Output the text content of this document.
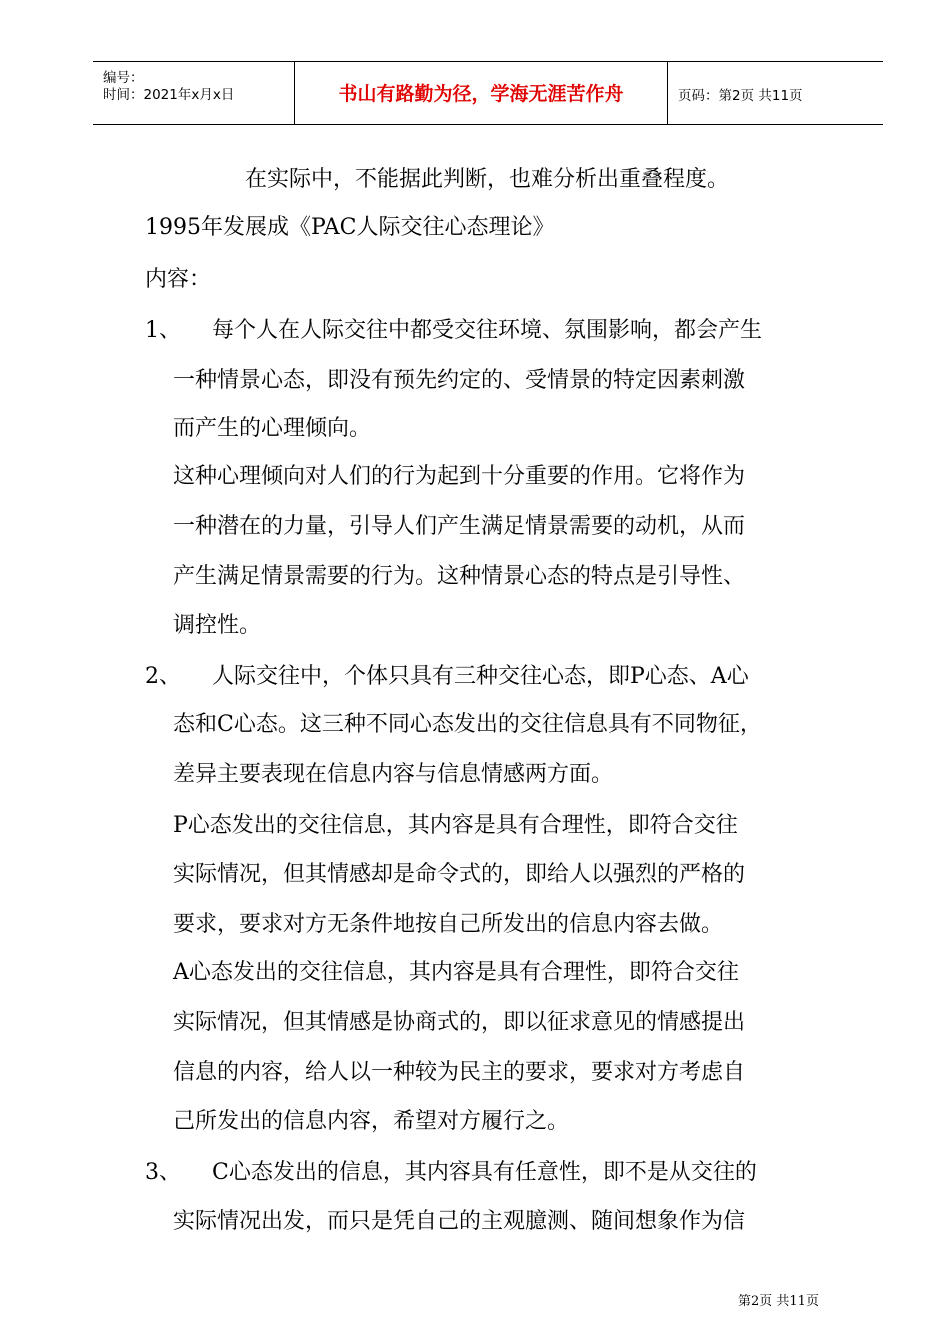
编号：
时间：2021年x月x日	书山有路勤为径，学海无涯苦作舟	页码：第2页 共11页
在实际中，不能据此判断，也难分析出重叠程度。
1995年发展成《PAC人际交往心态理论》
内容：
1、 每个人在人际交往中都受交往环境、氛围影响，都会产生
一种情景心态，即没有预先约定的、受情景的特定因素刺激
而产生的心理倾向。
这种心理倾向对人们的行为起到十分重要的作用。它将作为
一种潜在的力量，引导人们产生满足情景需要的动机，从而
产生满足情景需要的行为。这种情景心态的特点是引导性、
调控性。
2、 人际交往中，个体只具有三种交往心态，即P心态、A心
态和C心态。这三种不同心态发出的交往信息具有不同物征，
差异主要表现在信息内容与信息情感两方面。
P心态发出的交往信息，其内容是具有合理性，即符合交往
实际情况，但其情感却是命令式的，即给人以强烈的严格的
要求，要求对方无条件地按自己所发出的信息内容去做。
A心态发出的交往信息，其内容是具有合理性，即符合交往
实际情况，但其情感是协商式的，即以征求意见的情感提出
信息的内容，给人以一种较为民主的要求，要求对方考虑自
己所发出的信息内容，希望对方履行之。
3、 C心态发出的信息，其内容具有任意性，即不是从交往的
实际情况出发，而只是凭自己的主观臆测、随间想象作为信
第2页 共11页
